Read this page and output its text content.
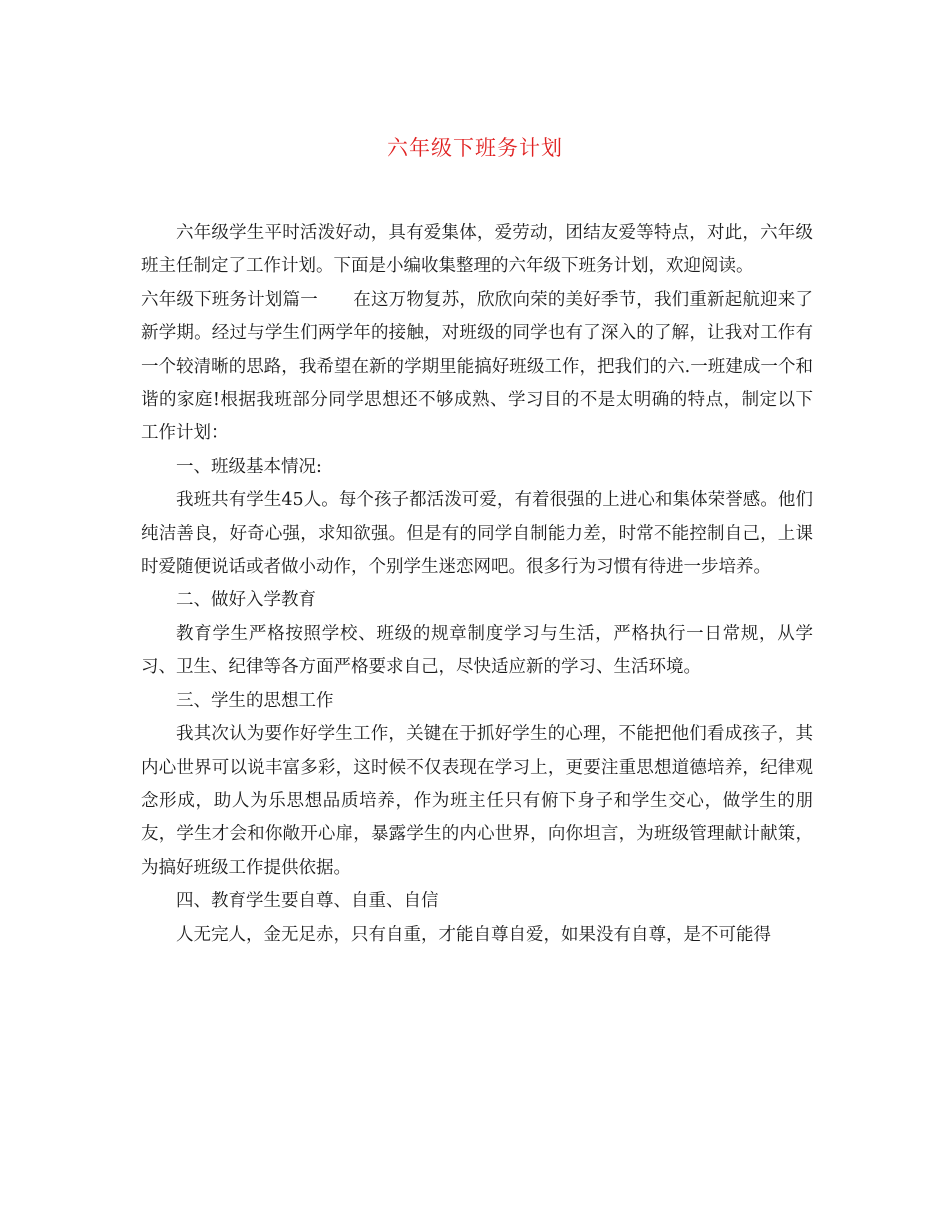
六年级下班务计划

六年级学生平时活泼好动，具有爱集体，爱劳动，团结友爱等特点，对此，六年级班主任制定了工作计划。下面是小编收集整理的六年级下班务计划，欢迎阅读。

六年级下班务计划篇一　　在这万物复苏，欣欣向荣的美好季节，我们重新起航迎来了新学期。经过与学生们两学年的接触，对班级的同学也有了深入的了解，让我对工作有一个较清晰的思路，我希望在新的学期里能搞好班级工作，把我们的六.一班建成一个和谐的家庭!根据我班部分同学思想还不够成熟、学习目的不是太明确的特点，制定以下工作计划：

一、班级基本情况:

我班共有学生45人。每个孩子都活泼可爱，有着很强的上进心和集体荣誉感。他们纯洁善良，好奇心强，求知欲强。但是有的同学自制能力差，时常不能控制自己，上课时爱随便说话或者做小动作，个别学生迷恋网吧。很多行为习惯有待进一步培养。

二、做好入学教育

教育学生严格按照学校、班级的规章制度学习与生活，严格执行一日常规，从学习、卫生、纪律等各方面严格要求自己，尽快适应新的学习、生活环境。

三、学生的思想工作

我其次认为要作好学生工作，关键在于抓好学生的心理，不能把他们看成孩子，其内心世界可以说丰富多彩，这时候不仅表现在学习上，更要注重思想道德培养，纪律观念形成，助人为乐思想品质培养，作为班主任只有俯下身子和学生交心，做学生的朋友，学生才会和你敞开心扉，暴露学生的内心世界，向你坦言，为班级管理献计献策，为搞好班级工作提供依据。

四、教育学生要自尊、自重、自信

人无完人，金无足赤，只有自重，才能自尊自爱，如果没有自尊，是不可能得
